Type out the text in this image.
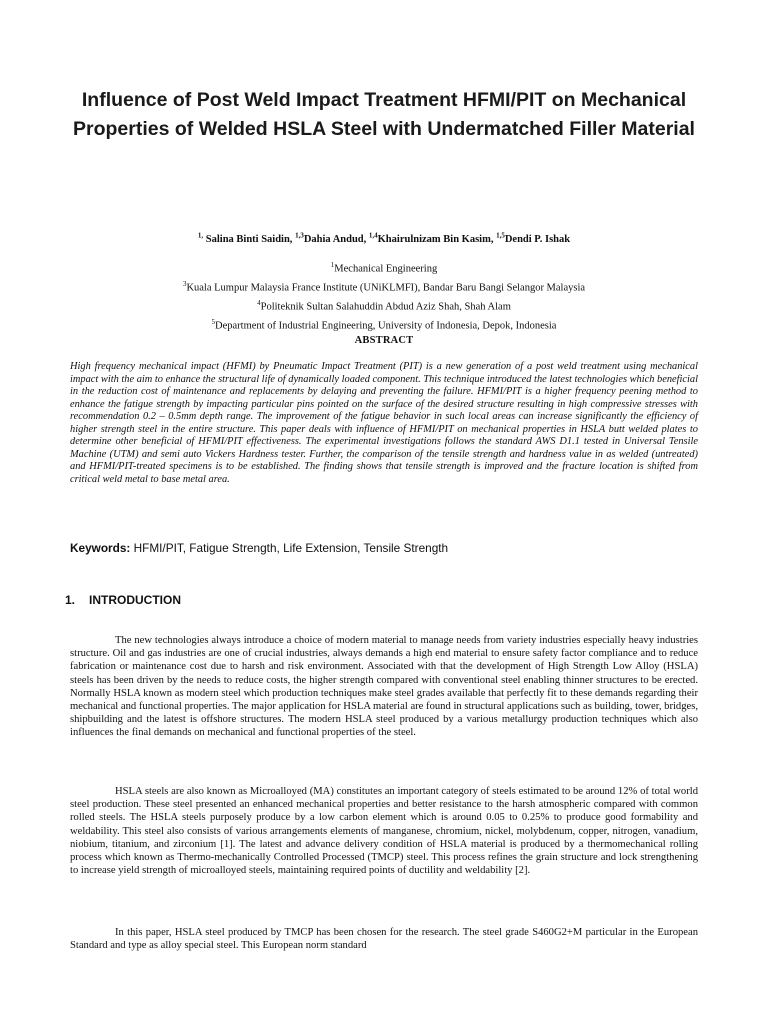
Influence of Post Weld Impact Treatment HFMI/PIT on Mechanical Properties of Welded HSLA Steel with Undermatched Filler Material
$^{1,}$ Salina Binti Saidin, $^{1,3}$Dahia Andud, $^{1,4}$Khairulnizam Bin Kasim, $^{1,5}$Dendi P. Ishak
$^1$Mechanical Engineering
$^3$Kuala Lumpur Malaysia France Institute (UNiKLMFI), Bandar Baru Bangi Selangor Malaysia
$^4$Politeknik Sultan Salahuddin Abdud Aziz Shah, Shah Alam
$^5$Department of Industrial Engineering, University of Indonesia, Depok, Indonesia
ABSTRACT

High frequency mechanical impact (HFMI) by Pneumatic Impact Treatment (PIT) is a new generation of a post weld treatment using mechanical impact with the aim to enhance the structural life of dynamically loaded component. This technique introduced the latest technologies which beneficial in the reduction cost of maintenance and replacements by delaying and preventing the failure. HFMI/PIT is a higher frequency peening method to enhance the fatigue strength by impacting particular pins pointed on the surface of the desired structure resulting in high compressive stresses with recommendation 0.2 – 0.5mm depth range. The improvement of the fatigue behavior in such local areas can increase significantly the efficiency of higher strength steel in the entire structure. This paper deals with influence of HFMI/PIT on mechanical properties in HSLA butt welded plates to determine other beneficial of HFMI/PIT effectiveness. The experimental investigations follows the standard AWS D1.1 tested in Universal Tensile Machine (UTM) and semi auto Vickers Hardness tester. Further, the comparison of the tensile strength and hardness value in as welded (untreated) and HFMI/PIT-treated specimens is to be established. The finding shows that tensile strength is improved and the fracture location is shifted from critical weld metal to base metal area.

Keywords: HFMI/PIT, Fatigue Strength, Life Extension, Tensile Strength
1. INTRODUCTION

The new technologies always introduce a choice of modern material to manage needs from variety industries especially heavy industries structure. Oil and gas industries are one of crucial industries, always demands a high end material to ensure safety factor compliance and to reduce fabrication or maintenance cost due to harsh and risk environment. Associated with that the development of High Strength Low Alloy (HSLA) steels has been driven by the needs to reduce costs, the higher strength compared with conventional steel enabling thinner structures to be erected. Normally HSLA known as modern steel which production techniques make steel grades available that perfectly fit to these demands regarding their mechanical and functional properties. The major application for HSLA material are found in structural applications such as building, tower, bridges, shipbuilding and the latest is offshore structures. The modern HSLA steel produced by a various metallurgy production techniques which also influences the final demands on mechanical and functional properties of the steel.

HSLA steels are also known as Microalloyed (MA) constitutes an important category of steels estimated to be around 12% of total world steel production. These steel presented an enhanced mechanical properties and better resistance to the harsh atmospheric compared with common rolled steels. The HSLA steels purposely produce by a low carbon element which is around 0.05 to 0.25% to produce good formability and weldability. This steel also consists of various arrangements elements of manganese, chromium, nickel, molybdenum, copper, nitrogen, vanadium, niobium, titanium, and zirconium [1]. The latest and advance delivery condition of HSLA material is produced by a thermomechanical rolling process which known as Thermo-mechanically Controlled Processed (TMCP) steel. This process refines the grain structure and lock strengthening to increase yield strength of microalloyed steels, maintaining required points of ductility and weldability [2].

In this paper, HSLA steel produced by TMCP has been chosen for the research. The steel grade S460G2+M particular in the European Standard and type as alloy special steel. This European norm standard
